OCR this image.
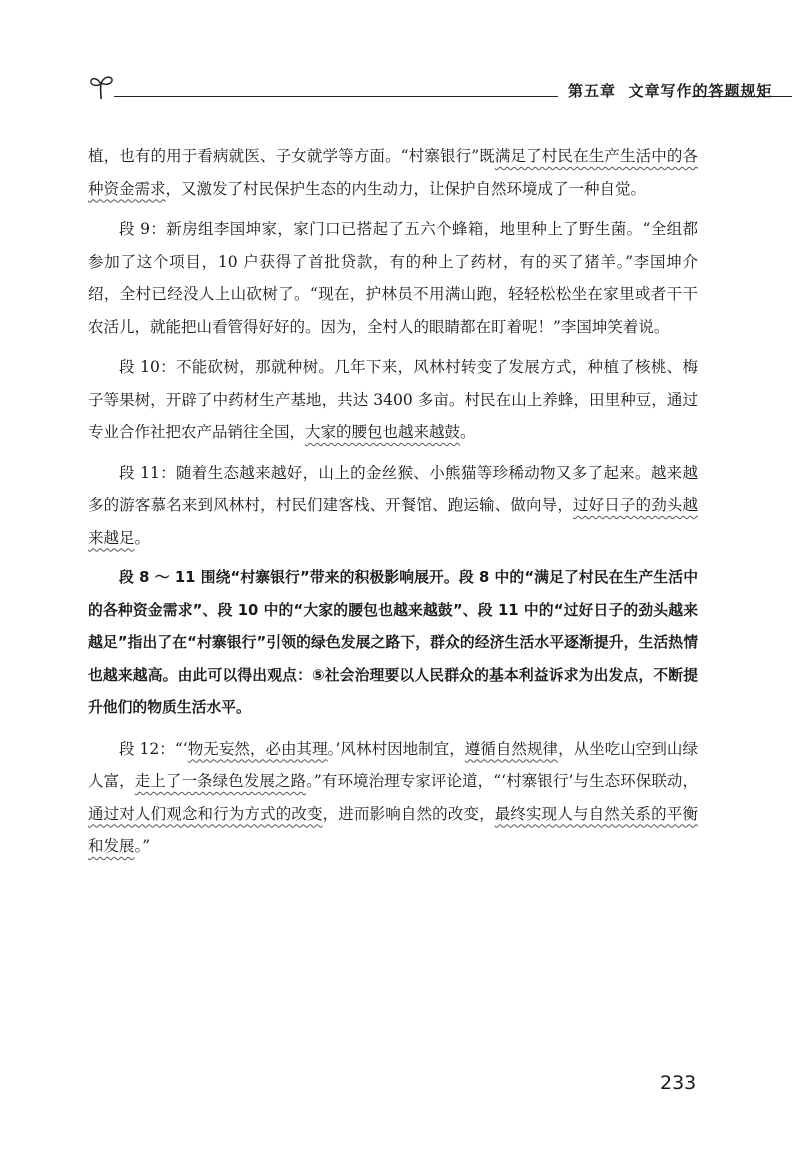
第五章 文章写作的答题规矩

植，也有的用于看病就医、子女就学等方面。“村寨银行”既满足了村民在生产生活中的各种资金需求，又激发了村民保护生态的内生动力，让保护自然环境成了一种自觉。

段 9：新房组李国坤家，家门口已搭起了五六个蜂箱，地里种上了野生菌。“全组都参加了这个项目，10 户获得了首批贷款，有的种上了药材，有的买了猪羊。”李国坤介绍，全村已经没人上山砍树了。“现在，护林员不用满山跑，轻轻松松坐在家里或者干干农活儿，就能把山看管得好好的。因为，全村人的眼睛都在盯着呢！”李国坤笑着说。

段 10：不能砍树，那就种树。几年下来，风林村转变了发展方式，种植了核桃、梅子等果树，开辟了中药材生产基地，共达 3400 多亩。村民在山上养蜂，田里种豆，通过专业合作社把农产品销往全国，大家的腰包也越来越鼓。

段 11：随着生态越来越好，山上的金丝猴、小熊猫等珍稀动物又多了起来。越来越多的游客慕名来到风林村，村民们建客栈、开餐馆、跑运输、做向导，过好日子的劲头越来越足。

段 8 ～ 11 围绕“村寨银行”带来的积极影响展开。段 8 中的“满足了村民在生产生活中的各种资金需求”、段 10 中的“大家的腰包也越来越鼓”、段 11 中的“过好日子的劲头越来越足”指出了在“村寨银行”引领的绿色发展之路下，群众的经济生活水平逐渐提升，生活热情也越来越高。由此可以得出观点：⑤社会治理要以人民群众的基本利益诉求为出发点，不断提升他们的物质生活水平。

段 12：“‘物无妄然，必由其理。’风林村因地制宜，遵循自然规律，从坐吃山空到山绿人富，走上了一条绿色发展之路。”有环境治理专家评论道，“‘村寨银行’与生态环保联动，通过对人们观念和行为方式的改变，进而影响自然的改变，最终实现人与自然关系的平衡和发展。”

233
